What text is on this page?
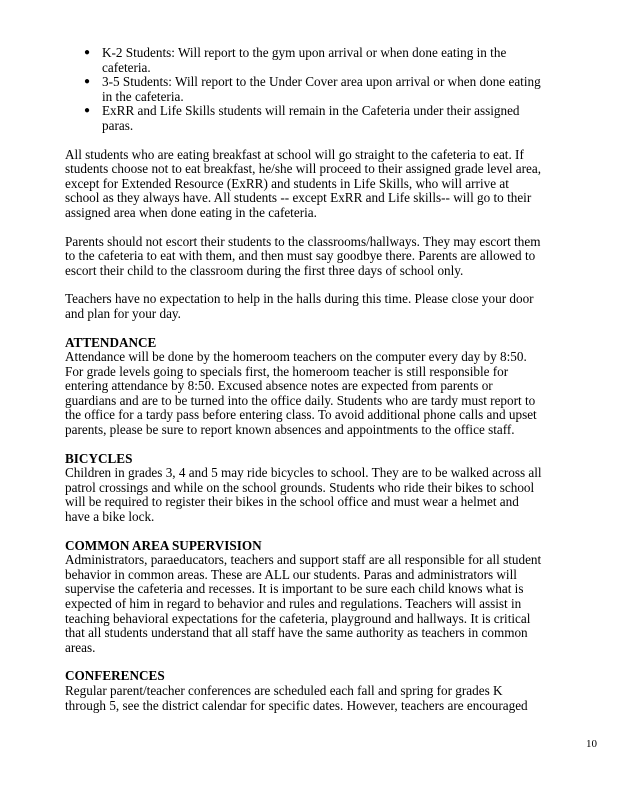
● K-2 Students: Will report to the gym upon arrival or when done eating in the cafeteria.
● 3-5 Students: Will report to the Under Cover area upon arrival or when done eating in the cafeteria.
● ExRR and Life Skills students will remain in the Cafeteria under their assigned paras.

All students who are eating breakfast at school will go straight to the cafeteria to eat. If students choose not to eat breakfast, he/she will proceed to their assigned grade level area, except for Extended Resource (ExRR) and students in Life Skills, who will arrive at school as they always have. All students -- except ExRR and Life skills-- will go to their assigned area when done eating in the cafeteria.

Parents should not escort their students to the classrooms/hallways. They may escort them to the cafeteria to eat with them, and then must say goodbye there. Parents are allowed to escort their child to the classroom during the first three days of school only.

Teachers have no expectation to help in the halls during this time. Please close your door and plan for your day.

ATTENDANCE

Attendance will be done by the homeroom teachers on the computer every day by 8:50. For grade levels going to specials first, the homeroom teacher is still responsible for entering attendance by 8:50. Excused absence notes are expected from parents or guardians and are to be turned into the office daily. Students who are tardy must report to the office for a tardy pass before entering class. To avoid additional phone calls and upset parents, please be sure to report known absences and appointments to the office staff.

BICYCLES

Children in grades 3, 4 and 5 may ride bicycles to school. They are to be walked across all patrol crossings and while on the school grounds. Students who ride their bikes to school will be required to register their bikes in the school office and must wear a helmet and have a bike lock.

COMMON AREA SUPERVISION

Administrators, paraeducators, teachers and support staff are all responsible for all student behavior in common areas. These are ALL our students. Paras and administrators will supervise the cafeteria and recesses. It is important to be sure each child knows what is expected of him in regard to behavior and rules and regulations. Teachers will assist in teaching behavioral expectations for the cafeteria, playground and hallways. It is critical that all students understand that all staff have the same authority as teachers in common areas.

CONFERENCES

Regular parent/teacher conferences are scheduled each fall and spring for grades K through 5, see the district calendar for specific dates. However, teachers are encouraged

10
